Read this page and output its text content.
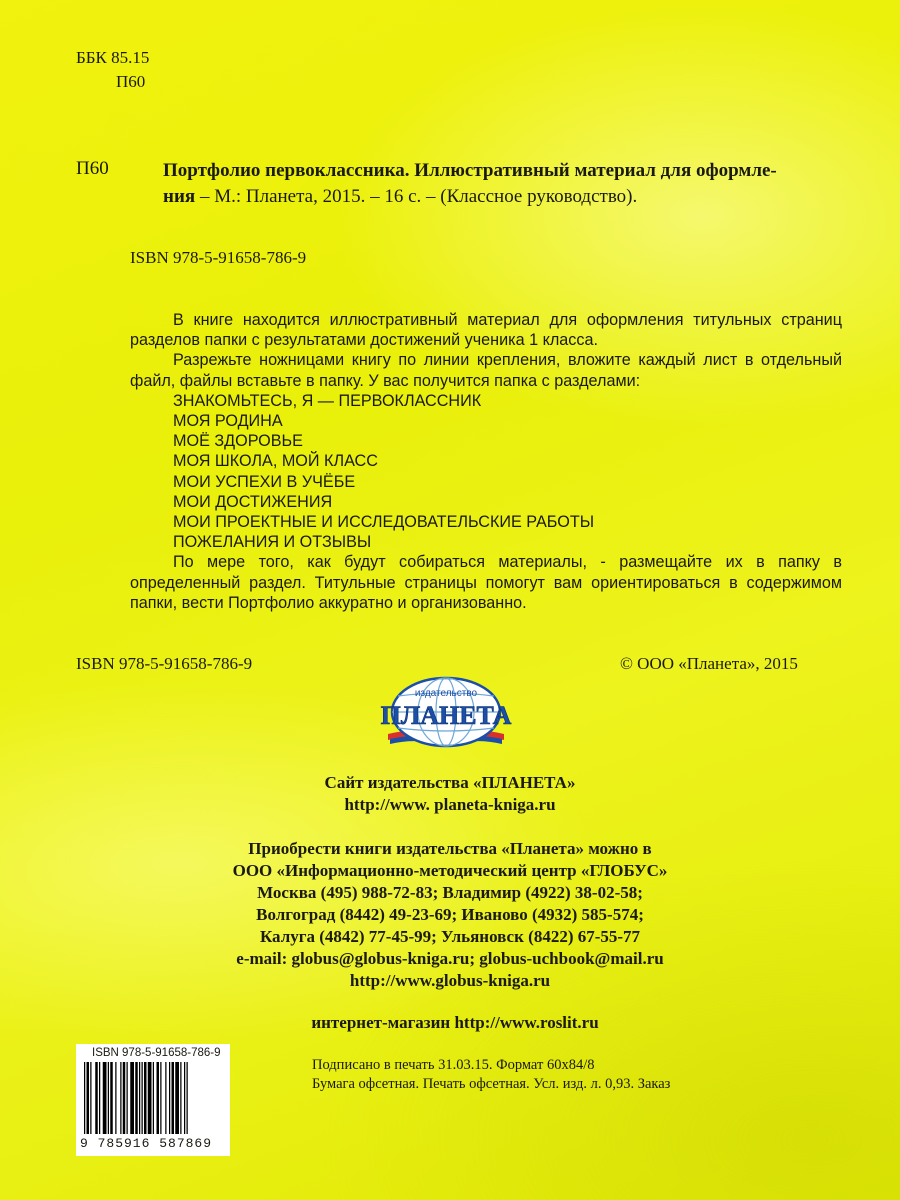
ББК 85.15
П60
П60	Портфолио первоклассника. Иллюстративный материал для оформле-
ния – М.: Планета, 2015. – 16 с. – (Классное руководство).
ISBN 978-5-91658-786-9

В книге находится иллюстративный материал для оформления титульных страниц разделов папки с результатами достижений ученика 1 класса.

Разрежьте ножницами книгу по линии крепления, вложите каждый лист в отдельный файл, файлы вставьте в папку. У вас получится папка с разделами:

ЗНАКОМЬТЕСЬ, Я — ПЕРВОКЛАССНИК
МОЯ РОДИНА
МОЁ ЗДОРОВЬЕ
МОЯ ШКОЛА, МОЙ КЛАСС
МОИ УСПЕХИ В УЧЁБЕ
МОИ ДОСТИЖЕНИЯ
МОИ ПРОЕКТНЫЕ И ИССЛЕДОВАТЕЛЬСКИЕ РАБОТЫ
ПОЖЕЛАНИЯ И ОТЗЫВЫ

По мере того, как будут собираться материалы, - размещайте их в папку в определенный раздел. Титульные страницы помогут вам ориентироваться в содержимом папки, вести Портфолио аккуратно и организованно.

ISBN 978-5-91658-786-9	© ООО «Планета», 2015
издательство
ПЛАНЕТА
Сайт издательства «ПЛАНЕТА»
http://www. planeta-kniga.ru
Приобрести книги издательства «Планета» можно в
ООО «Информационно-методический центр «ГЛОБУС»
Москва (495) 988-72-83; Владимир (4922) 38-02-58;
Волгоград (8442) 49-23-69; Иваново (4932) 585-574;
Калуга (4842) 77-45-99; Ульяновск (8422) 67-55-77
e-mail: globus@globus-kniga.ru; globus-uchbook@mail.ru
http://www.globus-kniga.ru
интернет-магазин http://www.roslit.ru
ISBN 978-5-91658-786-9
9 785916 587869
Подписано в печать 31.03.15. Формат 60х84/8
Бумага офсетная. Печать офсетная. Усл. изд. л. 0,93. Заказ
